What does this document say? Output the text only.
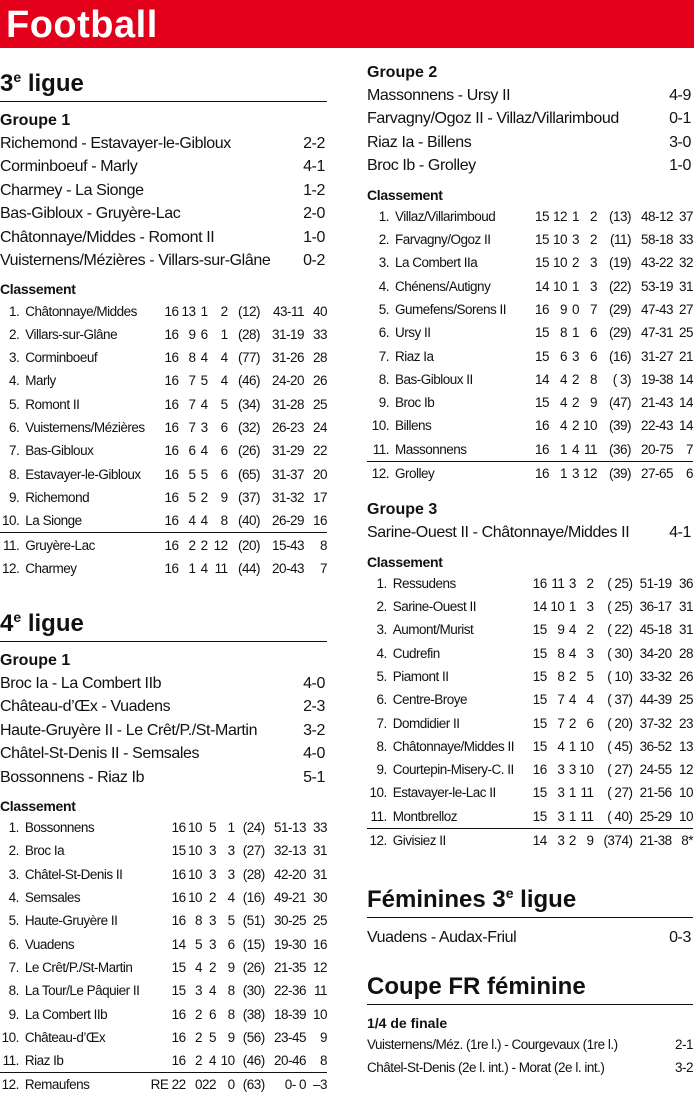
Football
3e ligue
Groupe 1
Richemond - Estavayer-le-Gibloux	2-2
Corminboeuf - Marly	4-1
Charmey - La Sionge	1-2
Bas-Gibloux - Gruyère-Lac	2-0
Châtonnaye/Middes - Romont II	1-0
Vuisternens/Mézières - Villars-sur-Glâne 0-2
Classement
1.	Châtonnaye/Middes	16	13	1	2	(12)	43-11	40
2.	Villars-sur-Glâne	16	9	6	1	(28)	31-19	33
3.	Corminboeuf	16	8	4	4	(77)	31-26	28
4.	Marly	16	7	5	4	(46)	24-20	26
5.	Romont II	16	7	4	5	(34)	31-28	25
6.	Vuisternens/Mézières	16	7	3	6	(32)	26-23	24
7.	Bas-Gibloux	16	6	4	6	(26)	31-29	22
8.	Estavayer-le-Gibloux	16	5	5	6	(65)	31-37	20
9.	Richemond	16	5	2	9	(37)	31-32	17
10.	La Sionge	16	4	4	8	(40)	26-29	16
11.	Gruyère-Lac	16	2	2	12	(20)	15-43	8
12.	Charmey	16	1	4	11	(44)	20-43	7
4e ligue
Groupe 1
Broc Ia - La Combert IIb	4-0
Château-d’Œx - Vuadens	2-3
Haute-Gruyère II - Le Crêt/P./St-Martin	3-2
Châtel-St-Denis II - Semsales	4-0
Bossonnens - Riaz Ib	5-1
Classement
1.	Bossonnens	16	10	5	1	(24)	51-13	33
2.	Broc Ia	15	10	3	3	(27)	32-13	31
3.	Châtel-St-Denis II	16	10	3	3	(28)	42-20	31
4.	Semsales	16	10	2	4	(16)	49-21	30
5.	Haute-Gruyère II	16	8	3	5	(51)	30-25	25
6.	Vuadens	14	5	3	6	(15)	19-30	16
7.	Le Crêt/P./St-Martin	15	4	2	9	(26)	21-35	12
8.	La Tour/Le Pâquier II	15	3	4	8	(30)	22-36	11
9.	La Combert IIb	16	2	6	8	(38)	18-39	10
10.	Château-d’Œx	16	2	5	9	(56)	23-45	9
11.	Riaz Ib	16	2	4	10	(46)	20-46	8
12.	Remaufens	RE 22	0	22	0	(63)	0- 0	–3
Groupe 2
Massonnens - Ursy II	4-9
Farvagny/Ogoz II - Villaz/Villarimboud	0-1
Riaz Ia - Billens	3-0
Broc Ib - Grolley	1-0
Classement
1.	Villaz/Villarimboud	15	12	1	2	(13)	48-12	37
2.	Farvagny/Ogoz II	15	10	3	2	(11)	58-18	33
3.	La Combert IIa	15	10	2	3	(19)	43-22	32
4.	Chénens/Autigny	14	10	1	3	(22)	53-19	31
5.	Gumefens/Sorens II	16	9	0	7	(29)	47-43	27
6.	Ursy II	15	8	1	6	(29)	47-31	25
7.	Riaz Ia	15	6	3	6	(16)	31-27	21
8.	Bas-Gibloux II	14	4	2	8	( 3)	19-38	14
9.	Broc Ib	15	4	2	9	(47)	21-43	14
10.	Billens	16	4	2	10	(39)	22-43	14
11.	Massonnens	16	1	4	11	(36)	20-75	7
12.	Grolley	16	1	3	12	(39)	27-65	6
Groupe 3
Sarine-Ouest II - Châtonnaye/Middes II 4-1
Classement
1.	Ressudens	16	11	3	2	( 25)	51-19	36
2.	Sarine-Ouest II	14	10	1	3	( 25)	36-17	31
3.	Aumont/Murist	15	9	4	2	( 22)	45-18	31
4.	Cudrefin	15	8	4	3	( 30)	34-20	28
5.	Piamont II	15	8	2	5	( 10)	33-32	26
6.	Centre-Broye	15	7	4	4	( 37)	44-39	25
7.	Domdidier II	15	7	2	6	( 20)	37-32	23
8.	Châtonnaye/Middes II	15	4	1	10	( 45)	36-52	13
9.	Courtepin-Misery-C. II	16	3	3	10	( 27)	24-55	12
10.	Estavayer-le-Lac II	15	3	1	11	( 27)	21-56	10
11.	Montbrelloz	15	3	1	11	( 40)	25-29	10
12.	Givisiez II	14	3	2	9	(374)	21-38	8*
Féminines 3e ligue
Vuadens - Audax-Friul	0-3
Coupe FR féminine
1/4 de finale
Vuisternens/Méz. (1re l.) - Courgevaux (1re l.)	2-1
Châtel-St-Denis (2e l. int.) - Morat (2e l. int.)	3-2
